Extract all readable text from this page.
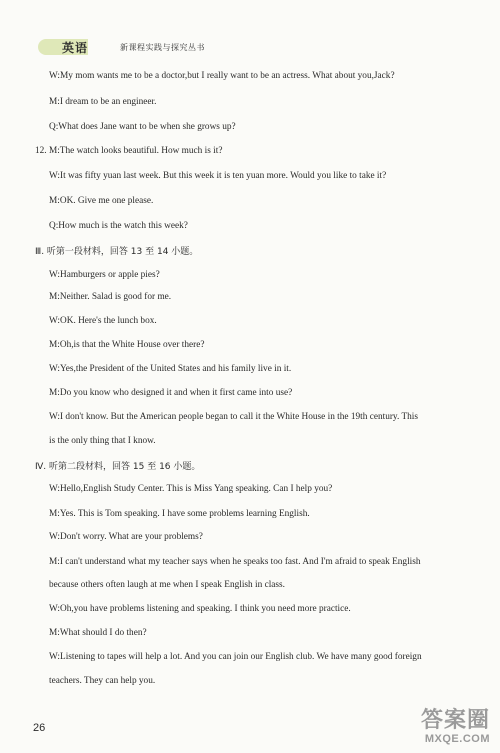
英语	新课程实践与探究丛书
W:My mom wants me to be a doctor,but I really want to be an actress. What about you,Jack?
M:I dream to be an engineer.
Q:What does Jane want to be when she grows up?
12. M:The watch looks beautiful. How much is it?
W:It was fifty yuan last week. But this week it is ten yuan more. Would you like to take it?
M:OK. Give me one please.
Q:How much is the watch this week?
Ⅲ. 听第一段材料，回答 13 至 14 小题。
W:Hamburgers or apple pies?
M:Neither. Salad is good for me.
W:OK. Here's the lunch box.
M:Oh,is that the White House over there?
W:Yes,the President of the United States and his family live in it.
M:Do you know who designed it and when it first came into use?
W:I don't know. But the American people began to call it the White House in the 19th century. This
is the only thing that I know.
Ⅳ. 听第二段材料，回答 15 至 16 小题。
W:Hello,English Study Center. This is Miss Yang speaking. Can I help you?
M:Yes. This is Tom speaking. I have some problems learning English.
W:Don't worry. What are your problems?
M:I can't understand what my teacher says when he speaks too fast. And I'm afraid to speak English
because others often laugh at me when I speak English in class.
W:Oh,you have problems listening and speaking. I think you need more practice.
M:What should I do then?
W:Listening to tapes will help a lot. And you can join our English club. We have many good foreign
teachers. They can help you.
26	答案圈
MXQE.COM
